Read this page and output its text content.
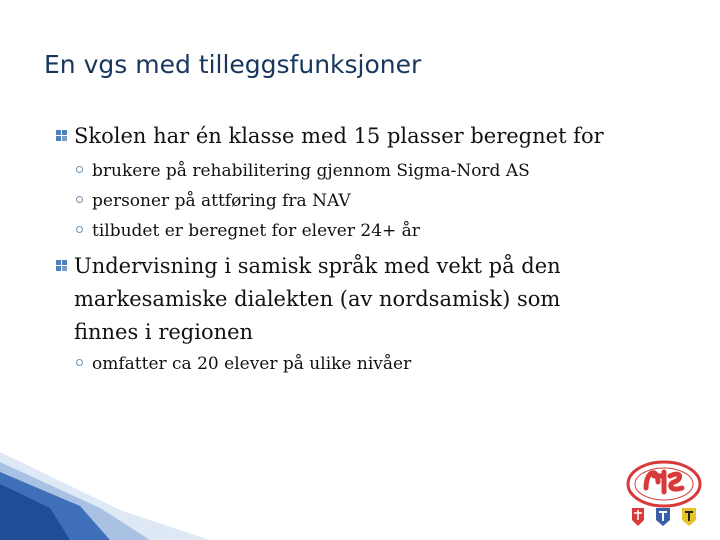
En vgs med tilleggsfunksjoner
Skolen har én klasse med 15 plasser beregnet for
brukere på rehabilitering gjennom Sigma-Nord AS
personer på attføring fra NAV
tilbudet er beregnet for elever 24+ år
Undervisning i samisk språk med vekt på den markesamiske dialekten (av nordsamisk) som finnes i regionen
omfatter ca 20 elever på ulike nivåer
